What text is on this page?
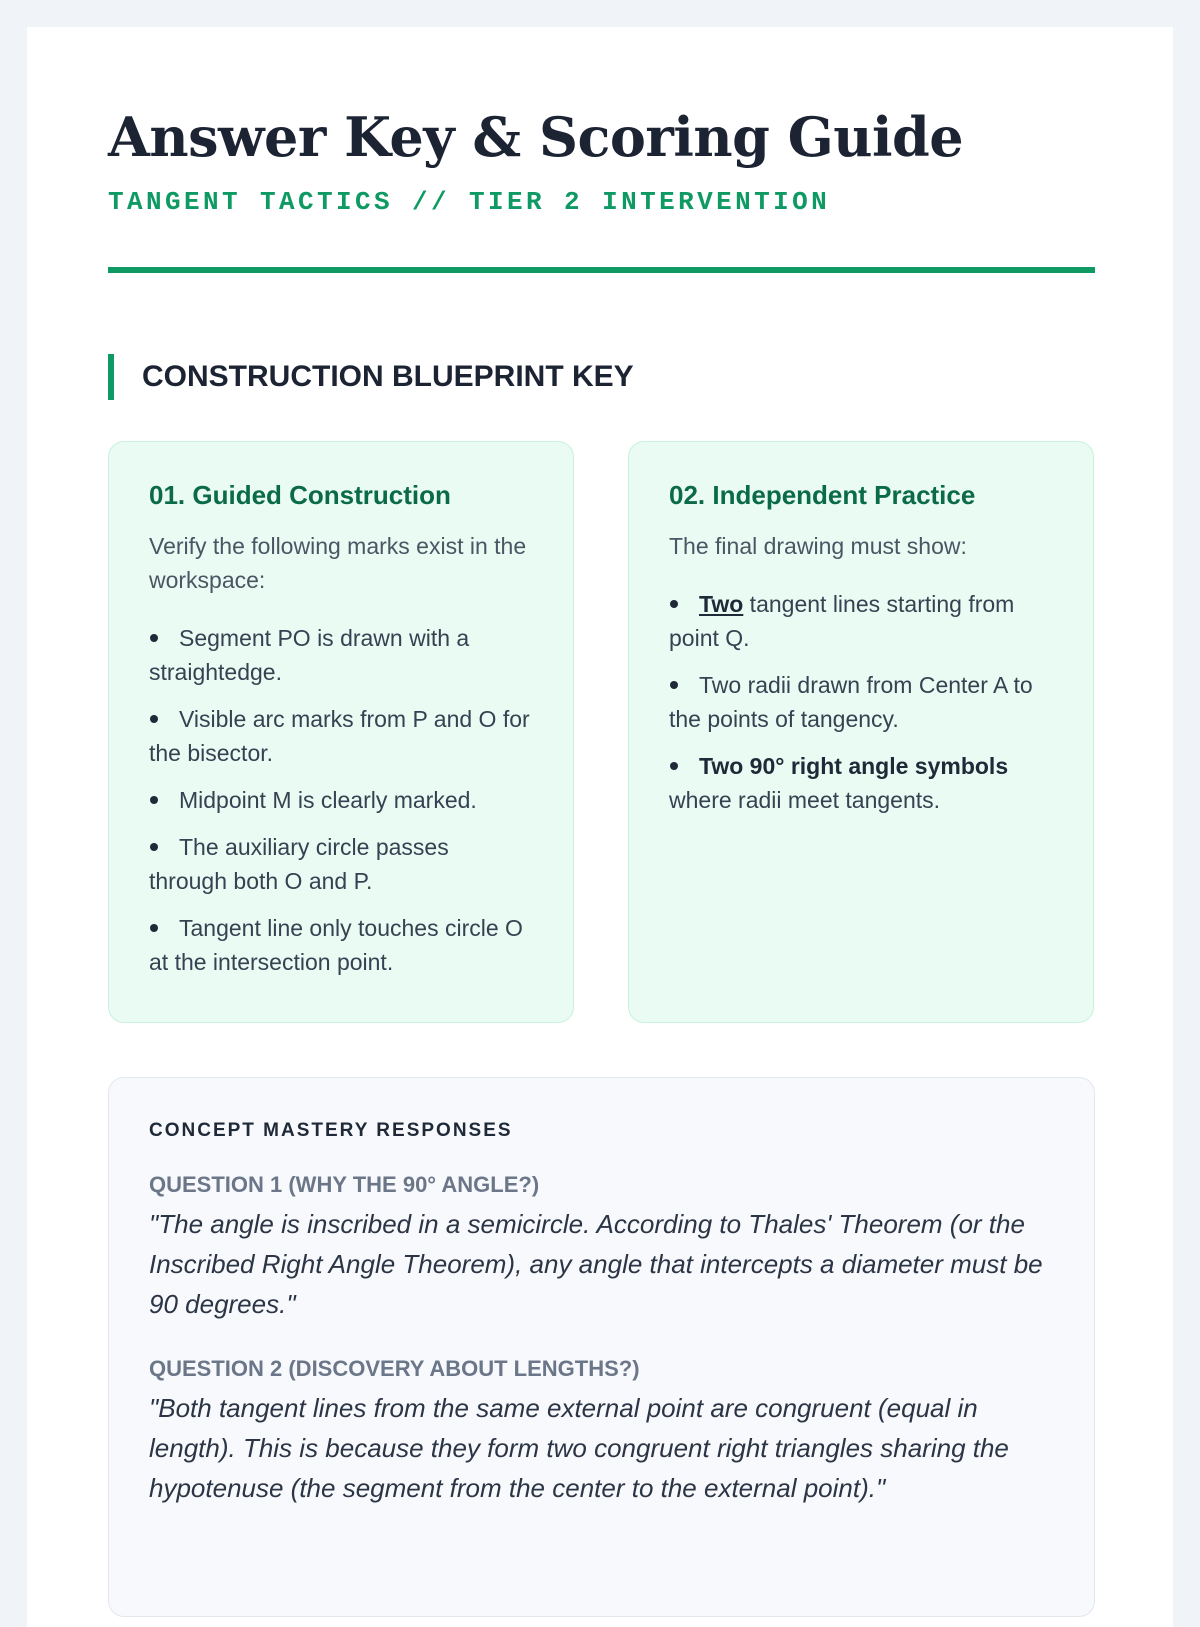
Answer Key & Scoring Guide
TANGENT TACTICS // TIER 2 INTERVENTION
CONSTRUCTION BLUEPRINT KEY
01. Guided Construction

Verify the following marks exist in the workspace:

Segment PO is drawn with a straightedge.
Visible arc marks from P and O for the bisector.
Midpoint M is clearly marked.
The auxiliary circle passes through both O and P.
Tangent line only touches circle O at the intersection point.
02. Independent Practice

The final drawing must show:

Two tangent lines starting from point Q.
Two radii drawn from Center A to the points of tangency.
Two 90° right angle symbols where radii meet tangents.
CONCEPT MASTERY RESPONSES
QUESTION 1 (WHY THE 90° ANGLE?)
"The angle is inscribed in a semicircle. According to Thales' Theorem (or the Inscribed Right Angle Theorem), any angle that intercepts a diameter must be 90 degrees."
QUESTION 2 (DISCOVERY ABOUT LENGTHS?)
"Both tangent lines from the same external point are congruent (equal in length). This is because they form two congruent right triangles sharing the hypotenuse (the segment from the center to the external point)."
